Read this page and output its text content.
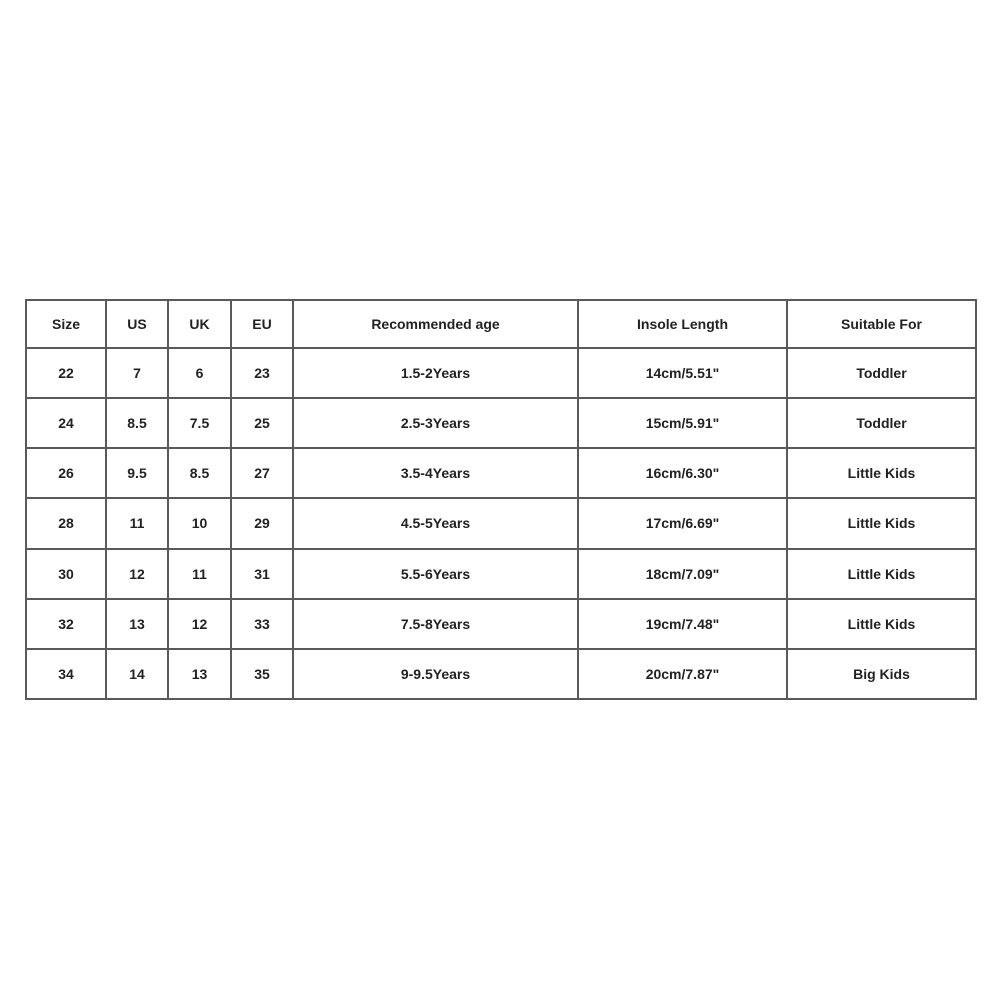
Size	US	UK	EU	Recommended age	Insole Length	Suitable For
22	7	6	23	1.5-2Years	14cm/5.51"	Toddler
24	8.5	7.5	25	2.5-3Years	15cm/5.91"	Toddler
26	9.5	8.5	27	3.5-4Years	16cm/6.30"	Little Kids
28	11	10	29	4.5-5Years	17cm/6.69"	Little Kids
30	12	11	31	5.5-6Years	18cm/7.09"	Little Kids
32	13	12	33	7.5-8Years	19cm/7.48"	Little Kids
34	14	13	35	9-9.5Years	20cm/7.87"	Big Kids
